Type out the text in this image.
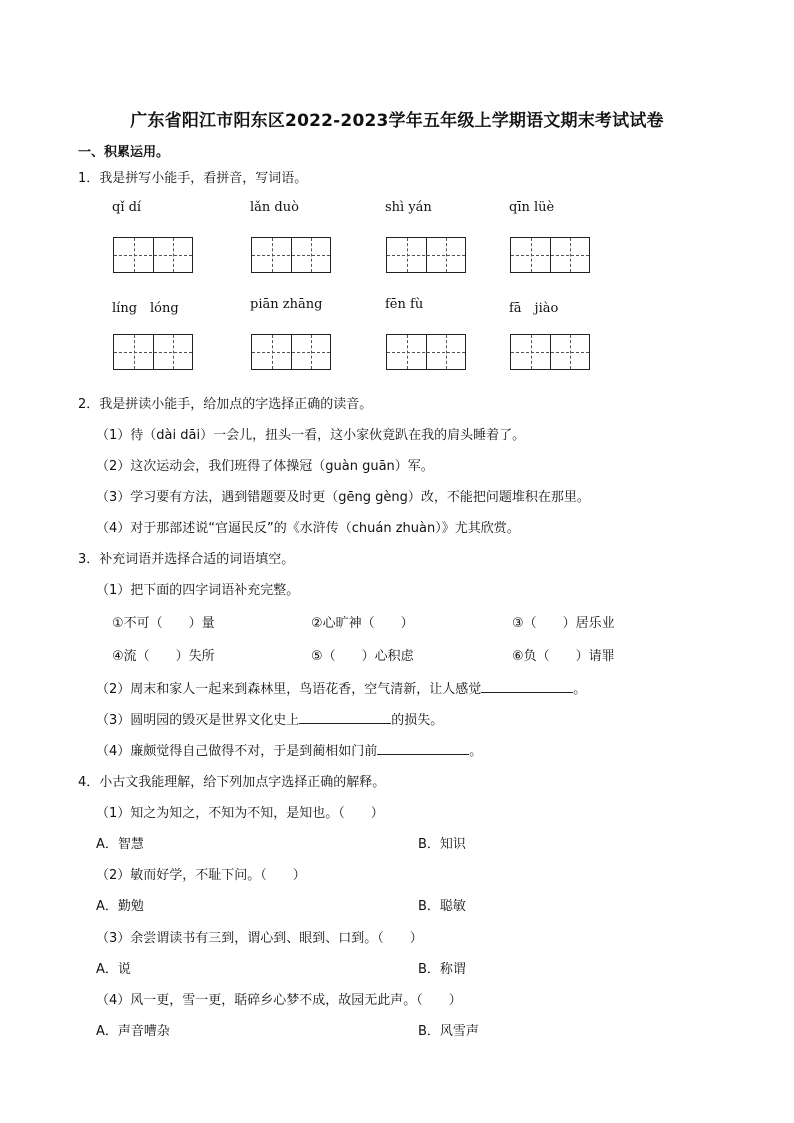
广东省阳江市阳东区2022-2023学年五年级上学期语文期末考试试卷
一、积累运用。
1．我是拼写小能手，看拼音，写词语。
qǐ dí	lǎn duò	shì yán	qīn lüè
líng　lóng	piān zhāng	fēn fù	fā　jiào
2．我是拼读小能手，给加点的字选择正确的读音。
（1）待（dài dāi）一会儿，扭头一看，这小家伙竟趴在我的肩头睡着了。
（2）这次运动会，我们班得了体操冠（guàn guān）军。
（3）学习要有方法，遇到错题要及时更（gēng gèng）改，不能把问题堆积在那里。
（4）对于那部述说“官逼民反”的《水浒传（chuán zhuàn）》尤其欣赏。
3．补充词语并选择合适的词语填空。
（1）把下面的四字词语补充完整。
①不可（　　）量	②心旷神（　　）	③（　　）居乐业
④流（　　）失所	⑤（　　）心积虑	⑥负（　　）请罪
（2）周末和家人一起来到森林里，鸟语花香，空气清新，让人感觉	。
（3）圆明园的毁灭是世界文化史上	的损失。
（4）廉颇觉得自己做得不对，于是到蔺相如门前	。
4．小古文我能理解，给下列加点字选择正确的解释。
（1）知之为知之，不知为不知，是知也。（　　）
A．智慧	B．知识
（2）敏而好学，不耻下问。（　　）
A．勤勉	B．聪敏
（3）余尝谓读书有三到，谓心到、眼到、口到。（　　）
A．说	B．称谓
（4）风一更，雪一更，聒碎乡心梦不成，故园无此声。（　　）
A．声音嘈杂	B．风雪声
